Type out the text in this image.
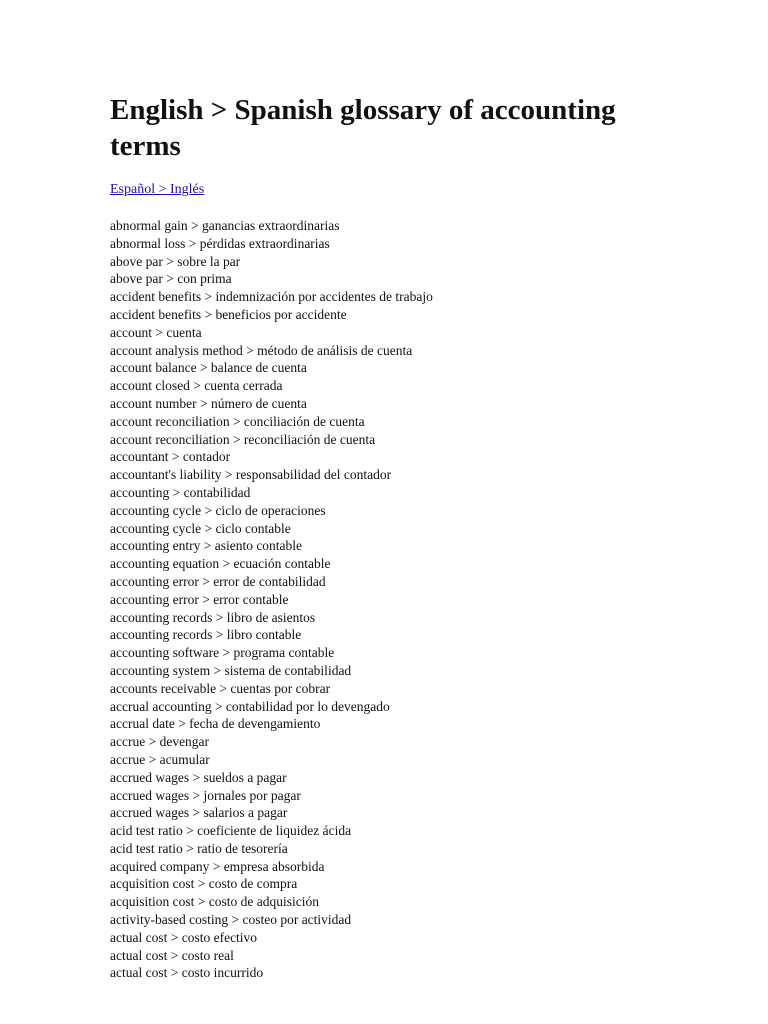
English > Spanish glossary of accounting terms
Español > Inglés
abnormal gain > ganancias extraordinarias
abnormal loss > pérdidas extraordinarias
above par > sobre la par
above par > con prima
accident benefits > indemnización por accidentes de trabajo
accident benefits > beneficios por accidente
account > cuenta
account analysis method > método de análisis de cuenta
account balance > balance de cuenta
account closed > cuenta cerrada
account number > número de cuenta
account reconciliation > conciliación de cuenta
account reconciliation > reconciliación de cuenta
accountant > contador
accountant's liability > responsabilidad del contador
accounting > contabilidad
accounting cycle > ciclo de operaciones
accounting cycle > ciclo contable
accounting entry > asiento contable
accounting equation > ecuación contable
accounting error > error de contabilidad
accounting error > error contable
accounting records > libro de asientos
accounting records > libro contable
accounting software > programa contable
accounting system > sistema de contabilidad
accounts receivable > cuentas por cobrar
accrual accounting > contabilidad por lo devengado
accrual date > fecha de devengamiento
accrue > devengar
accrue > acumular
accrued wages > sueldos a pagar
accrued wages > jornales por pagar
accrued wages > salarios a pagar
acid test ratio > coeficiente de liquidez ácida
acid test ratio > ratio de tesorería
acquired company > empresa absorbida
acquisition cost > costo de compra
acquisition cost > costo de adquisición
activity-based costing > costeo por actividad
actual cost > costo efectivo
actual cost > costo real
actual cost > costo incurrido
